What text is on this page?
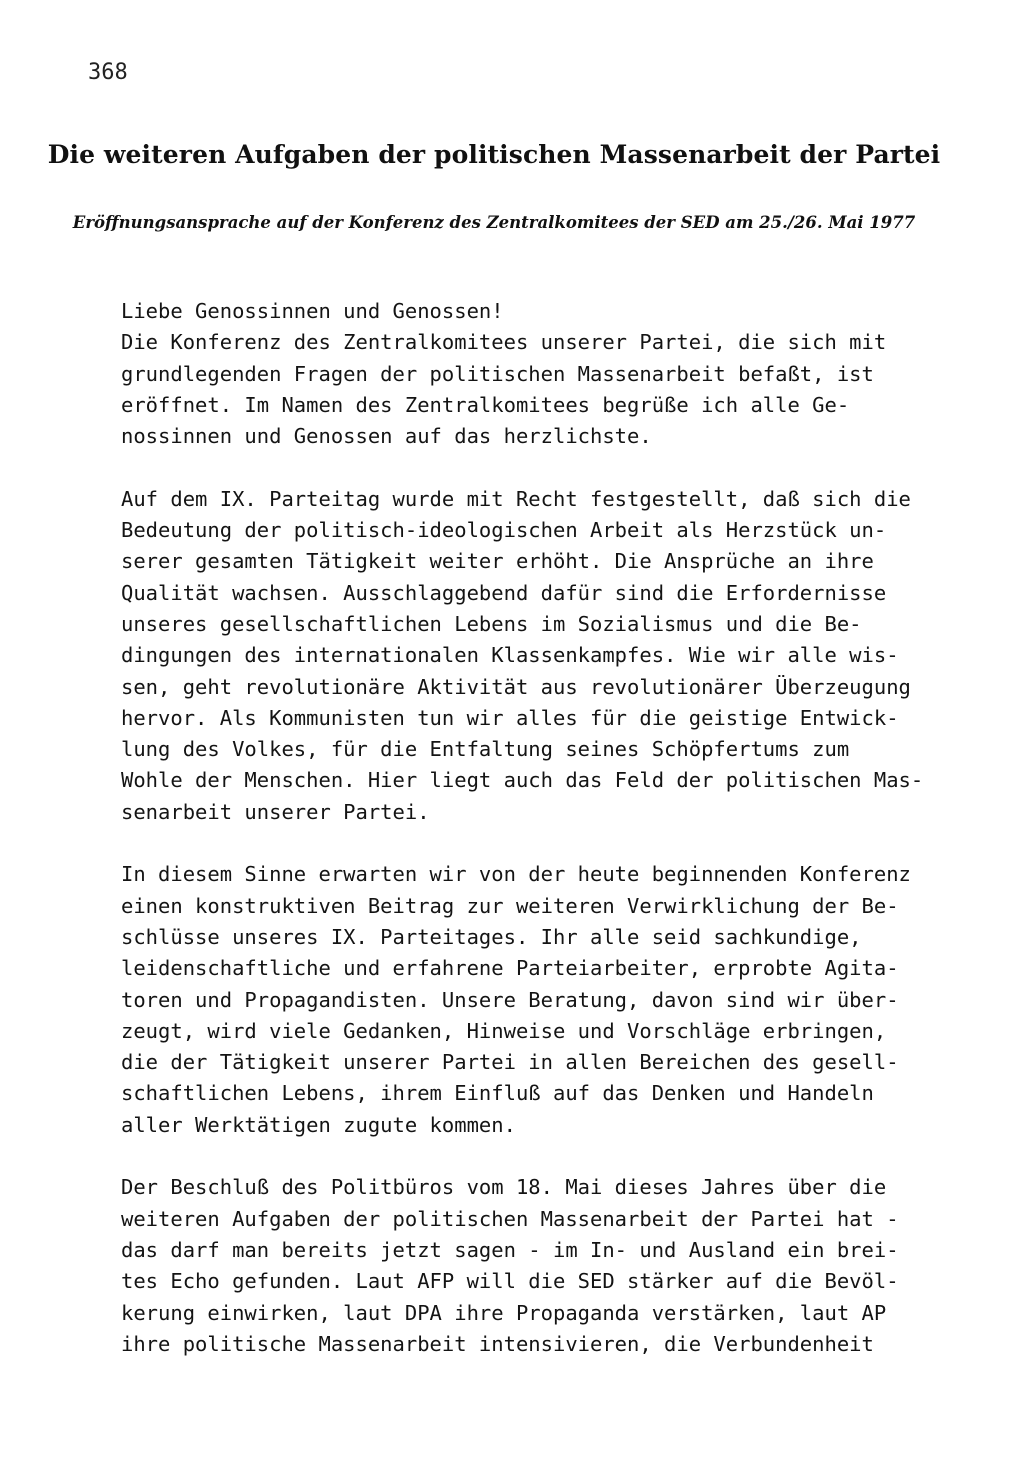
368
Die weiteren Aufgaben der politischen Massenarbeit der Partei
Eröffnungsansprache auf der Konferenz des Zentralkomitees der SED am 25./26. Mai 1977
Liebe Genossinnen und Genossen!
Die Konferenz des Zentralkomitees unserer Partei, die sich mit
grundlegenden Fragen der politischen Massenarbeit befaßt, ist
eröffnet. Im Namen des Zentralkomitees begrüße ich alle Ge-
nossinnen und Genossen auf das herzlichste.
Auf dem IX. Parteitag wurde mit Recht festgestellt, daß sich die
Bedeutung der politisch-ideologischen Arbeit als Herzstück un-
serer gesamten Tätigkeit weiter erhöht. Die Ansprüche an ihre
Qualität wachsen. Ausschlaggebend dafür sind die Erfordernisse
unseres gesellschaftlichen Lebens im Sozialismus und die Be-
dingungen des internationalen Klassenkampfes. Wie wir alle wis-
sen, geht revolutionäre Aktivität aus revolutionärer Überzeugung
hervor. Als Kommunisten tun wir alles für die geistige Entwick-
lung des Volkes, für die Entfaltung seines Schöpfertums zum
Wohle der Menschen. Hier liegt auch das Feld der politischen Mas-
senarbeit unserer Partei.
In diesem Sinne erwarten wir von der heute beginnenden Konferenz
einen konstruktiven Beitrag zur weiteren Verwirklichung der Be-
schlüsse unseres IX. Parteitages. Ihr alle seid sachkundige,
leidenschaftliche und erfahrene Parteiarbeiter, erprobte Agita-
toren und Propagandisten. Unsere Beratung, davon sind wir über-
zeugt, wird viele Gedanken, Hinweise und Vorschläge erbringen,
die der Tätigkeit unserer Partei in allen Bereichen des gesell-
schaftlichen Lebens, ihrem Einfluß auf das Denken und Handeln
aller Werktätigen zugute kommen.
Der Beschluß des Politbüros vom 18. Mai dieses Jahres über die
weiteren Aufgaben der politischen Massenarbeit der Partei hat -
das darf man bereits jetzt sagen - im In- und Ausland ein brei-
tes Echo gefunden. Laut AFP will die SED stärker auf die Bevöl-
kerung einwirken, laut DPA ihre Propaganda verstärken, laut AP
ihre politische Massenarbeit intensivieren, die Verbundenheit
